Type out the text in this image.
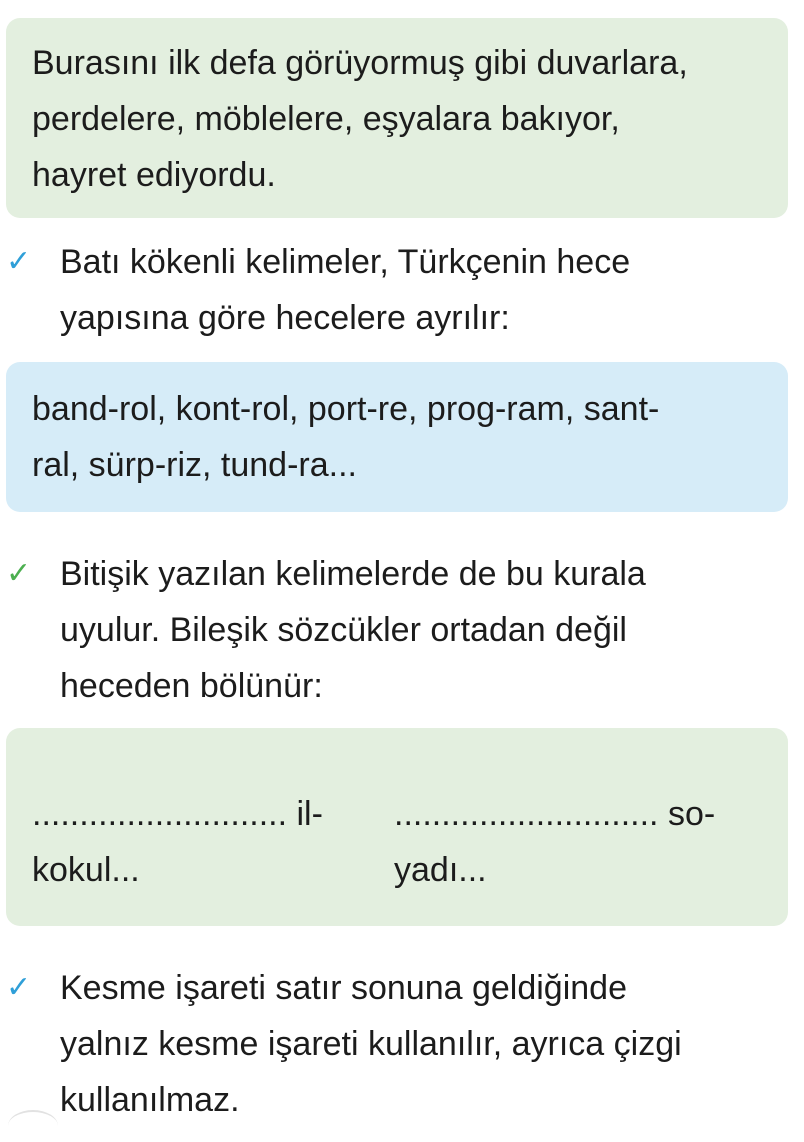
Burasını ilk defa görüyormuş gibi duvarlara,

perdelere, möblelere, eşyalara bakıyor,

hayret ediyordu.

✓ Batı kökenli kelimeler, Türkçenin hece

yapısına göre hecelere ayrılır:

band-rol, kont-rol, port-re, prog-ram, sant-

ral, sürp-riz, tund-ra...

✓ Bitişik yazılan kelimelerde de bu kurala

uyulur. Bileşik sözcükler ortadan değil

heceden bölünür:

........................... il-
kokul...
............................ so-
yadı...
✓ Kesme işareti satır sonuna geldiğinde

yalnız kesme işareti kullanılır, ayrıca çizgi

kullanılmaz.
